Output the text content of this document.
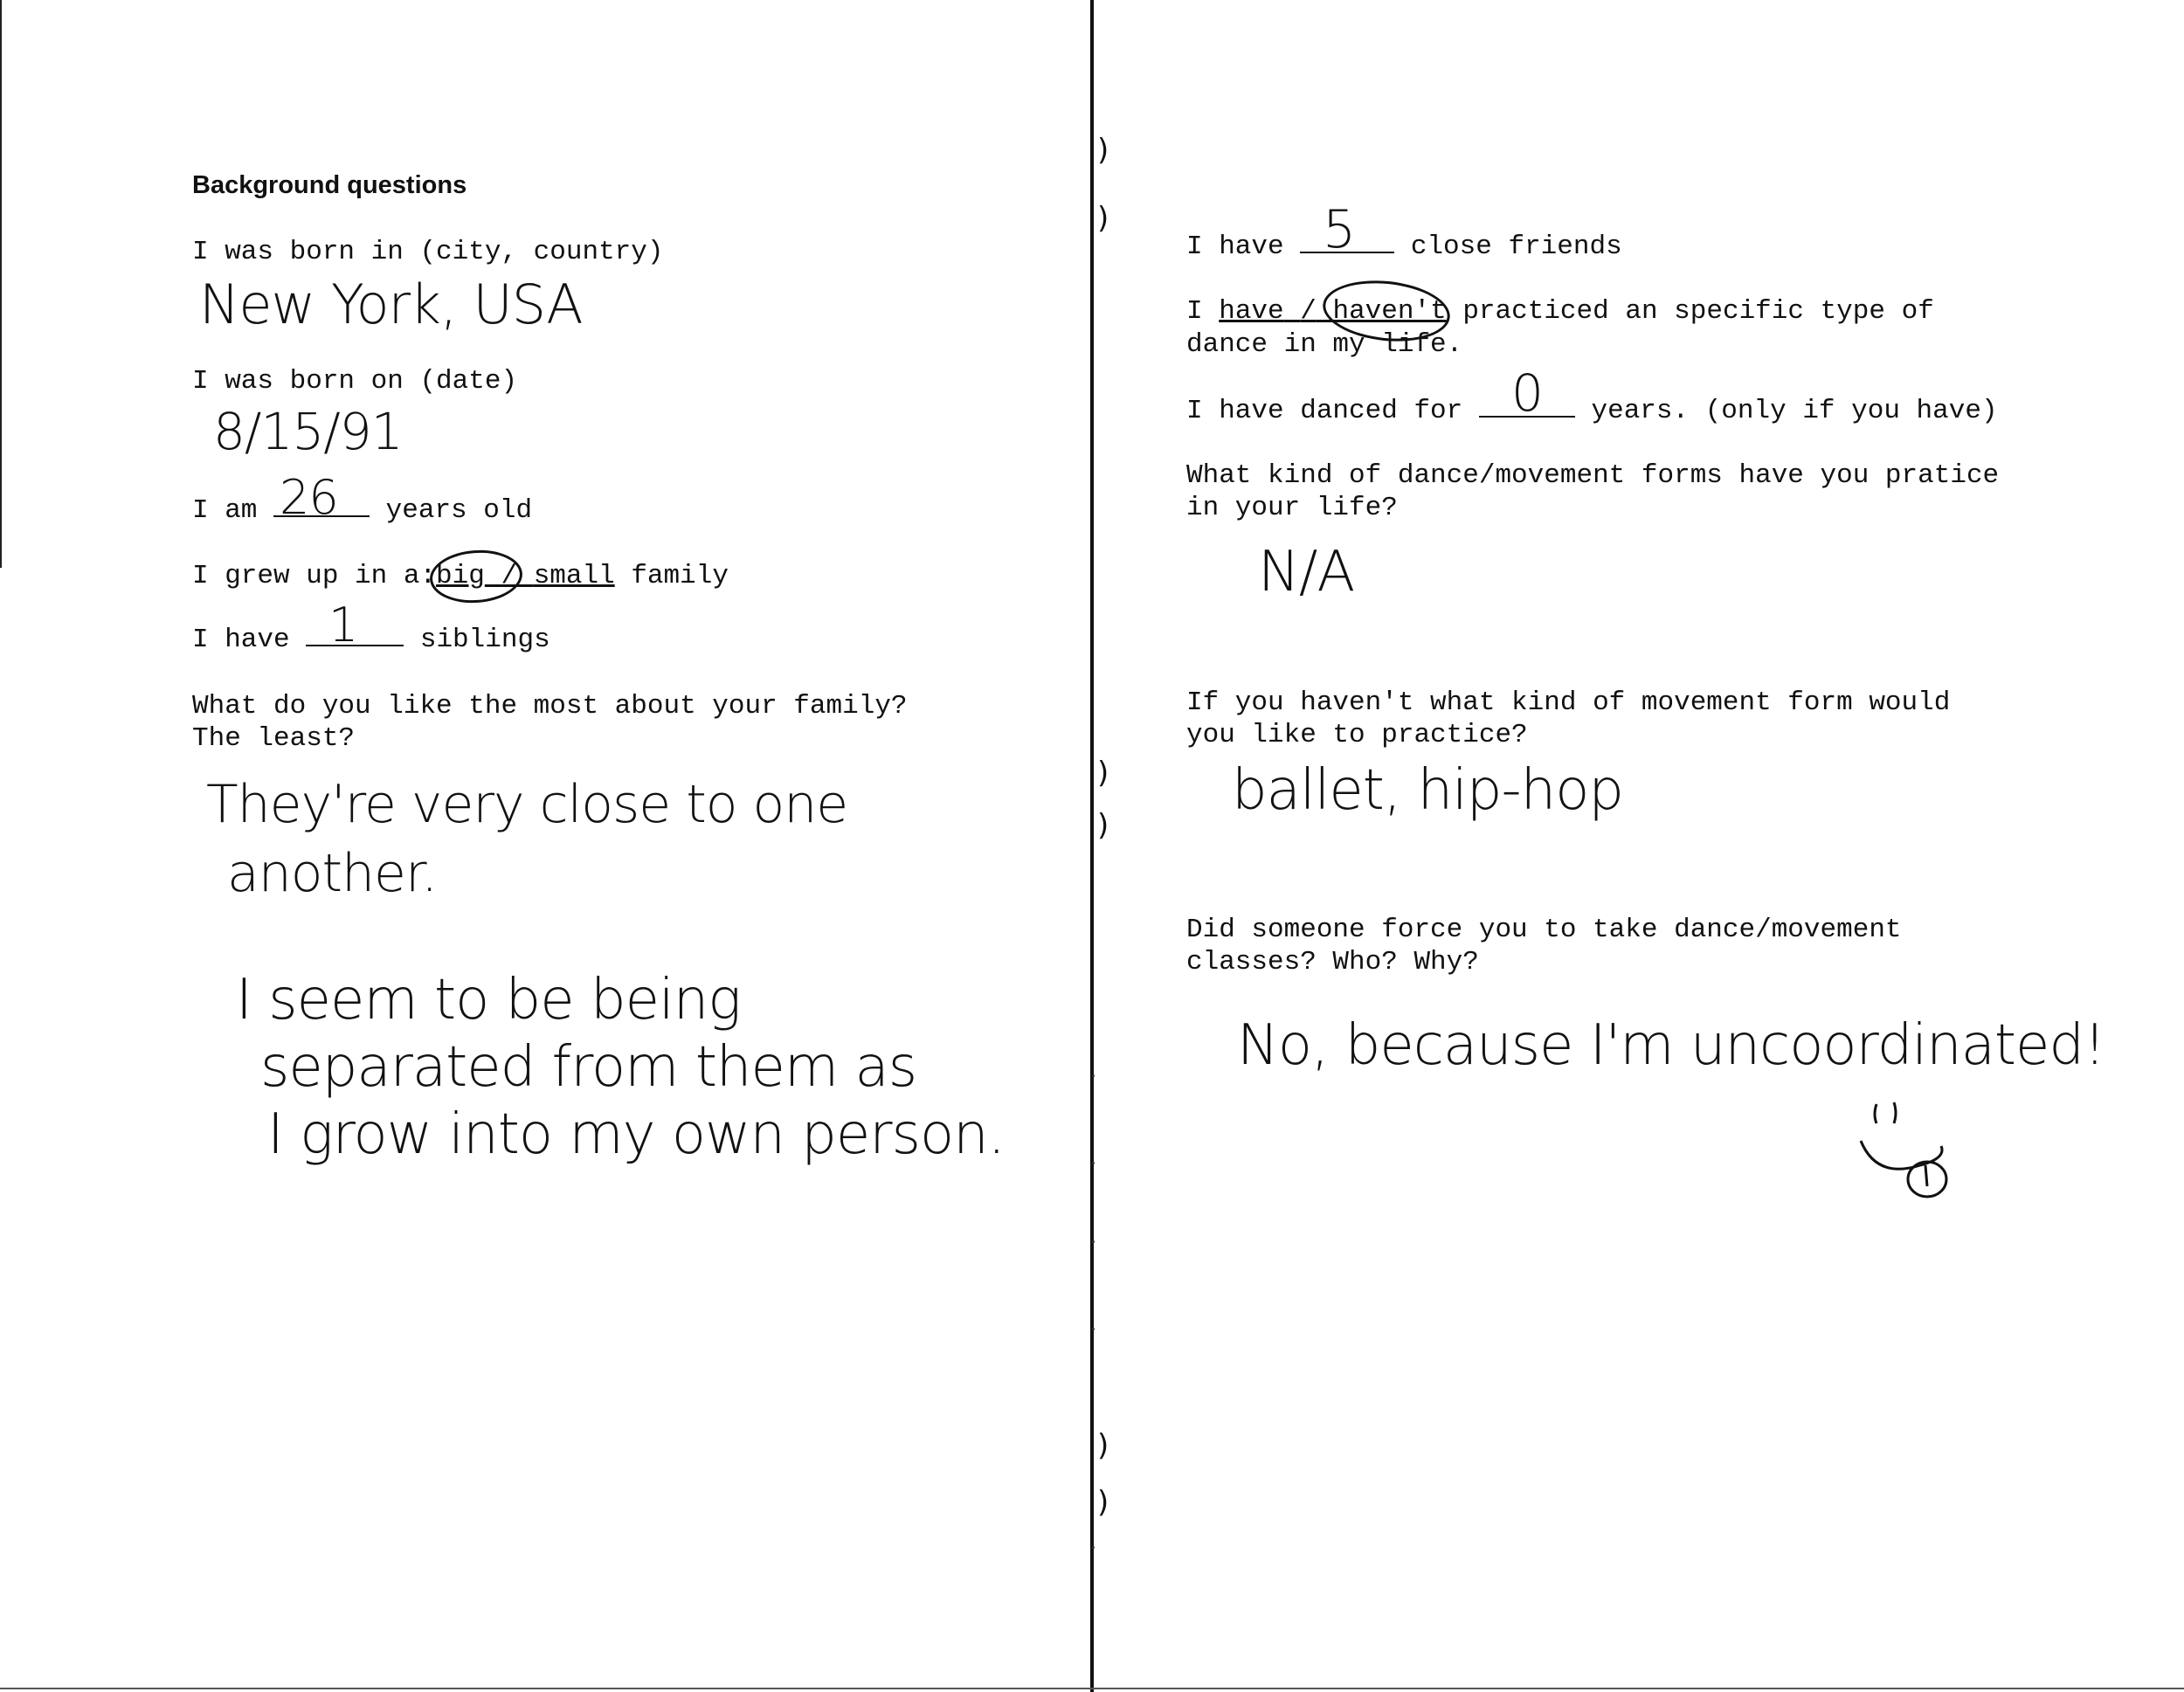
)
)
)
)
)
)
Background questions
I was born in (city, country)
New York, USA
I was born on (date)
8/15/91
I am	years old
26
I grew up in a:big / small family
I have	siblings
1
What do you like the most about your family?
The least?
They're very close to one
another.
I seem to be being
separated from them as
I grow into my own person.
I have	close friends
5
I have / haven't practiced an specific type of
dance in my life.
I have danced for	years. (only if you have)
0
What kind of dance/movement forms have you pratice
in your life?
N/A
If you haven't what kind of movement form would
you like to practice?
ballet, hip-hop
Did someone force you to take dance/movement
classes? Who? Why?
No, because I'm uncoordinated!
